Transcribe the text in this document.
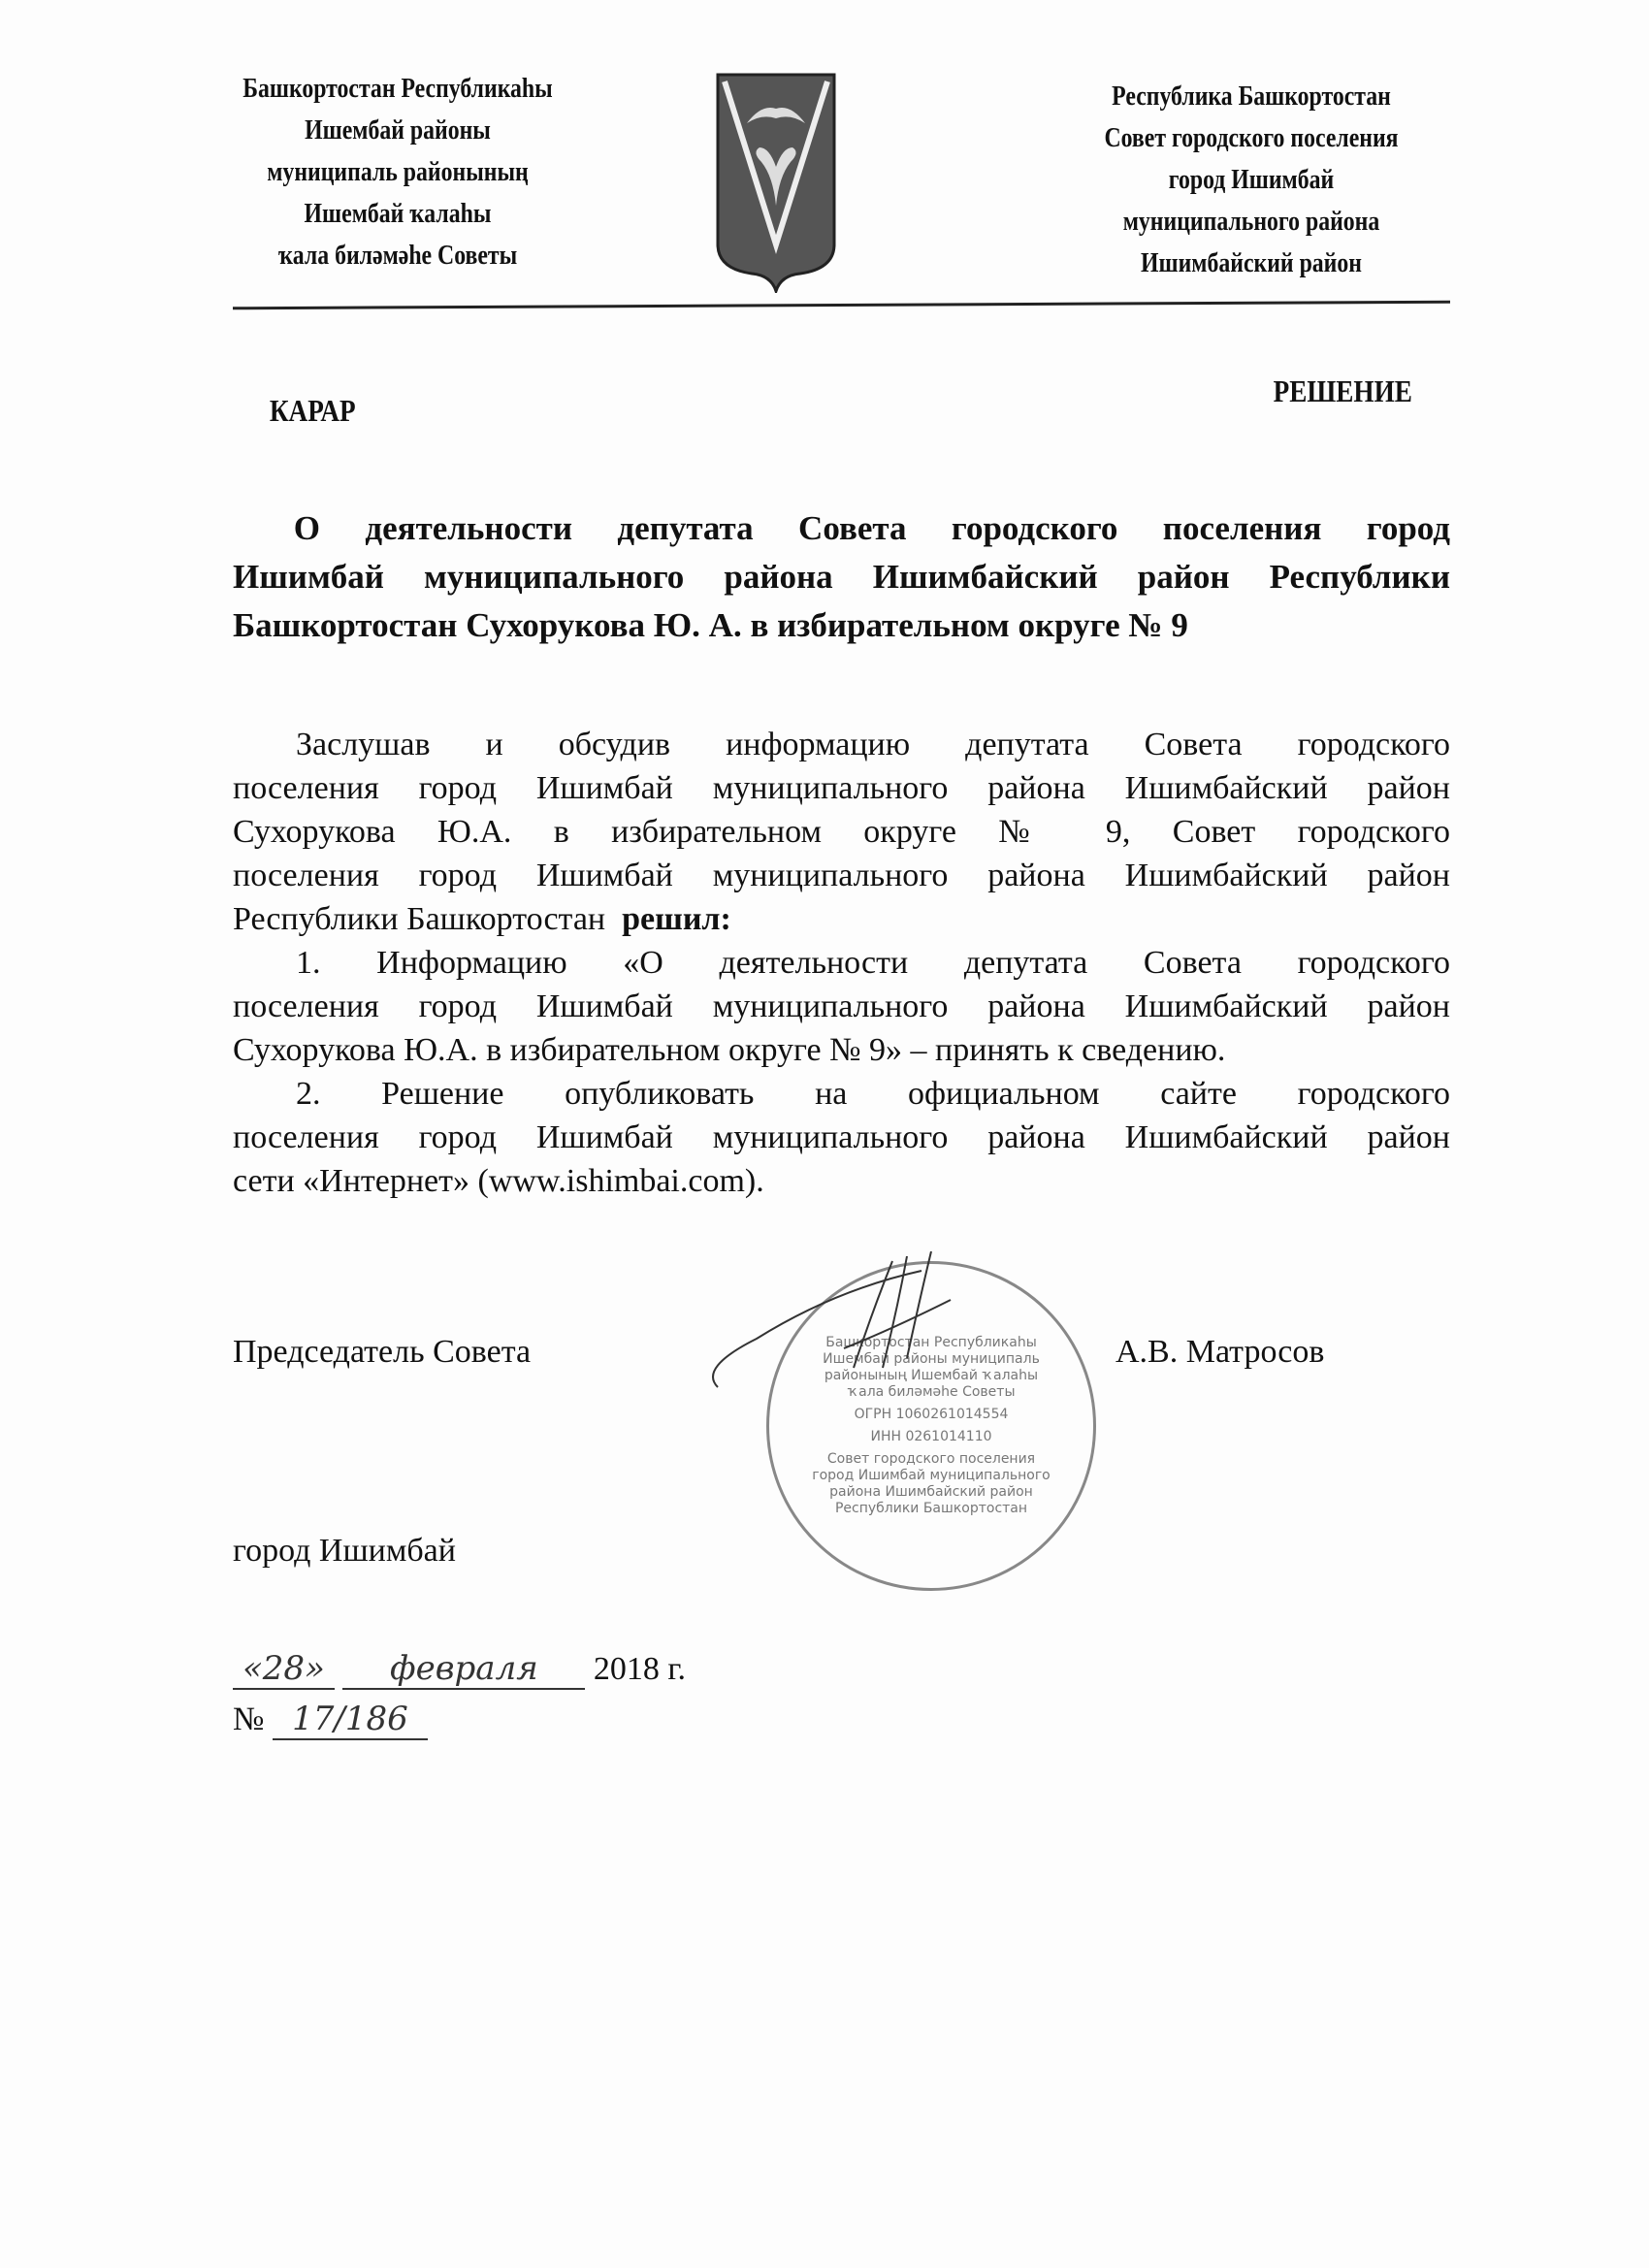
Башкортостан Республикаһы
Ишембай районы
муниципаль районының
Ишембай ҡалаһы
ҡала биләмәһе Советы
Республика Башкортостан
Совет городского поселения
город Ишимбай
муниципального района
Ишимбайский район
КАРАР
РЕШЕНИЕ
О деятельности депутата Совета городского поселения город
Ишимбай муниципального района Ишимбайский район Республики
Башкортостан Сухорукова Ю. А. в избирательном округе № 9

Заслушав и обсудив информацию депутата Совета городского

поселения город Ишимбай муниципального района Ишимбайский район

Сухорукова Ю.А. в избирательном округе № 9, Совет городского

поселения город Ишимбай муниципального района Ишимбайский район

Республики Башкортостан решил:

1. Информацию «О деятельности депутата Совета городского

поселения город Ишимбай муниципального района Ишимбайский район

Сухорукова Ю.А. в избирательном округе № 9» – принять к сведению.

2. Решение опубликовать на официальном сайте городского

поселения город Ишимбай муниципального района Ишимбайский район

сети «Интернет» (www.ishimbai.com).

Башкортостан Республикаһы Ишембай районы муниципаль районының Ишембай ҡалаһы ҡала биләмәһе Советы
ОГРН 1060261014554
ИНН 0261014110
Совет городского поселения город Ишимбай муниципального района Ишимбайский район Республики Башкортостан
Председатель Совета	А.В. Матросов
город Ишимбай
«28» февраля 2018 г.
№ 17/186
